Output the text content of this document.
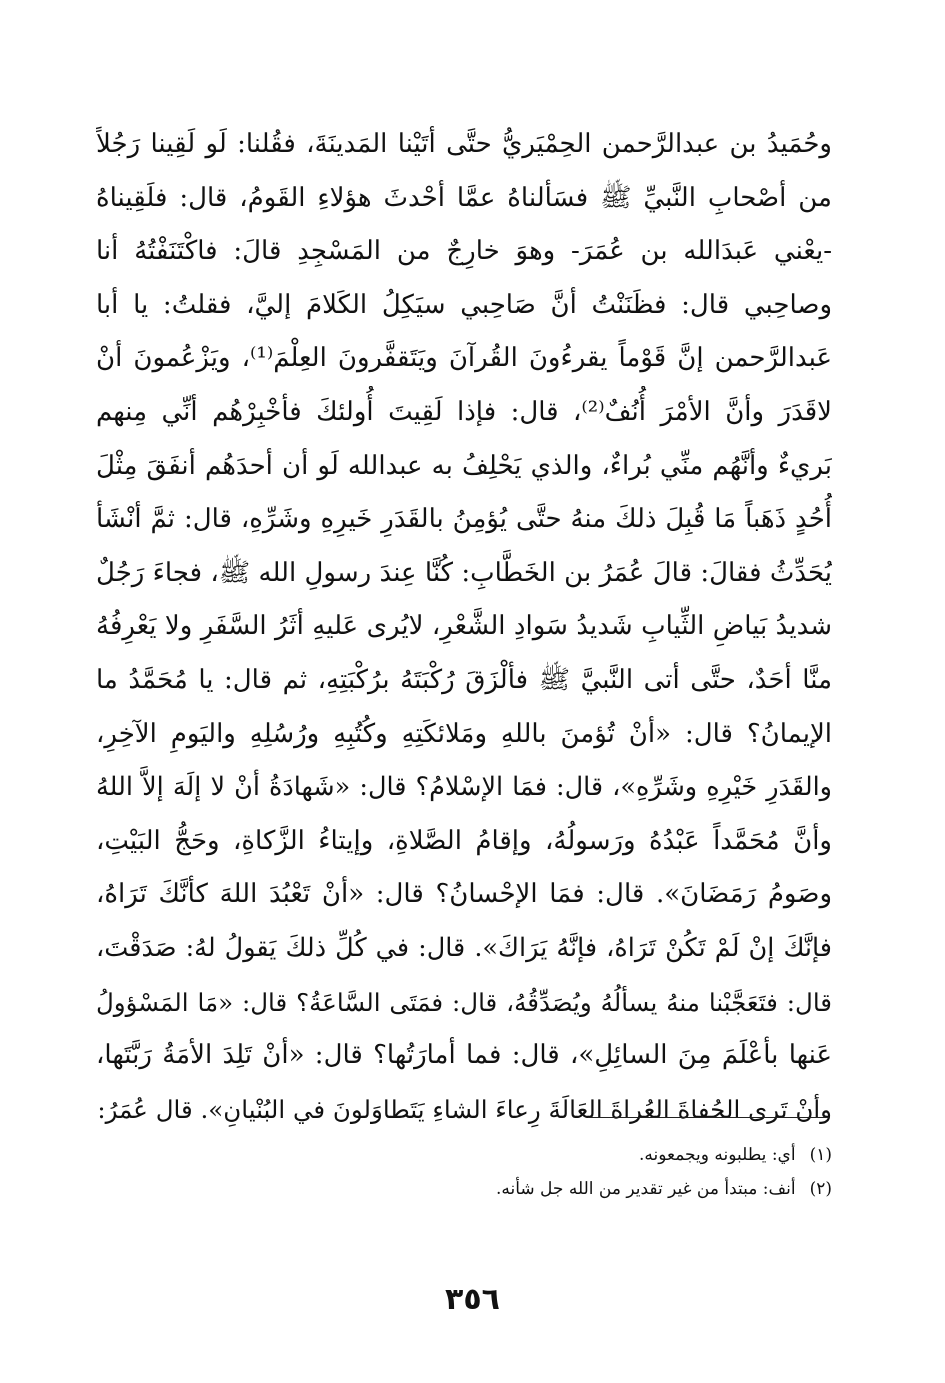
وحُمَيدُ بن عبدالرَّحمن الحِمْيَريُّ حتَّى أتَيْنا المَدينَةَ، فقُلنا: لَو لَقِينا رَجُلاً
من أصْحابِ النَّبيِّ ﷺ فسَألناهُ عمَّا أحْدثَ هؤلاءِ القَومُ، قال: فلَقِيناهُ
-يعْني عَبدَالله بن عُمَرَ- وهوَ خارِجٌ من المَسْجِدِ قالَ: فاكْتَنَفْتُهُ أنا
وصاحِبي قال: فظَنَنْتُ أنَّ صَاحِبي سيَكِلُ الكَلامَ إليَّ، فقلتُ: يا أبا
عَبدالرَّحمن إنَّ قَوْماً يقرءُونَ القُرآنَ ويَتَقفَّرونَ العِلْمَ⁽¹⁾، ويَزْعُمونَ أنْ
لاقَدَرَ وأنَّ الأمْرَ أُنُفٌ⁽²⁾، قال: فإذا لَقِيتَ أُولئكَ فأخْبِرْهُم أنِّي مِنهم
بَريءٌ وأنَّهُم منِّي بُراءٌ، والذي يَحْلِفُ به عبدالله لَو أن أحدَهُم أنفَقَ مِثْلَ
أُحُدٍ ذَهَباً مَا قُبِلَ ذلكَ منهُ حتَّى يُؤمِنُ بالقَدَرِ خَيرِهِ وشَرِّهِ، قال: ثمَّ أنْشَأ
يُحَدِّثُ فقالَ: قالَ عُمَرُ بن الخَطَّابِ: كُنَّا عِندَ رسولِ الله ﷺ، فجاءَ رَجُلٌ
شديدُ بَياضِ الثِّيابِ شَديدُ سَوادِ الشَّعْرِ، لايُرى عَليهِ أثَرُ السَّفَرِ ولا يَعْرِفُهُ
منَّا أحَدٌ، حتَّى أتى النَّبيَّ ﷺ فألْزَقَ رُكْبَتَهُ برُكْبَتِهِ، ثم قال: يا مُحَمَّدُ ما
الإيمانُ؟ قال: «أنْ تُؤمنَ باللهِ ومَلائكَتِهِ وكُتُبِهِ ورُسُلِهِ واليَومِ الآخِرِ،
والقَدَرِ خَيْرِهِ وشَرِّهِ»، قال: فمَا الإسْلامُ؟ قال: «شَهادَةُ أنْ لا إلَهَ إلاَّ اللهُ
وأنَّ مُحَمَّداً عَبْدُهُ ورَسولُهُ، وإقامُ الصَّلاةِ، وإيتاءُ الزَّكاةِ، وحَجُّ البَيْتِ،
وصَومُ رَمَضَانَ». قال: فمَا الإحْسانُ؟ قال: «أنْ تَعْبُدَ اللهَ كأنَّكَ تَرَاهُ،
فإنَّكَ إنْ لَمْ تَكُنْ تَرَاهُ، فإنَّهُ يَرَاكَ». قال: في كُلِّ ذلكَ يَقولُ لهُ: صَدَقْتَ،
قال: فتَعَجَّبْنا منهُ يسألُهُ ويُصَدِّقُهُ، قال: فمَتَى السَّاعَةُ؟ قال: «مَا المَسْؤولُ
عَنها بأعْلَمَ مِنَ السائِلِ»، قال: فما أمارَتُها؟ قال: «أنْ تَلِدَ الأمَةُ رَبَّتَها،
وأنْ تَرى الحُفاةَ العُراةَ العَالَةَ رِعاءَ الشاءِ يَتَطاوَلونَ في البُنْيانِ». قال عُمَرُ:
(١)أي: يطلبونه ويجمعونه.
(٢)أنف: مبتدأ من غير تقدير من الله جل شأنه.
٣٥٦
